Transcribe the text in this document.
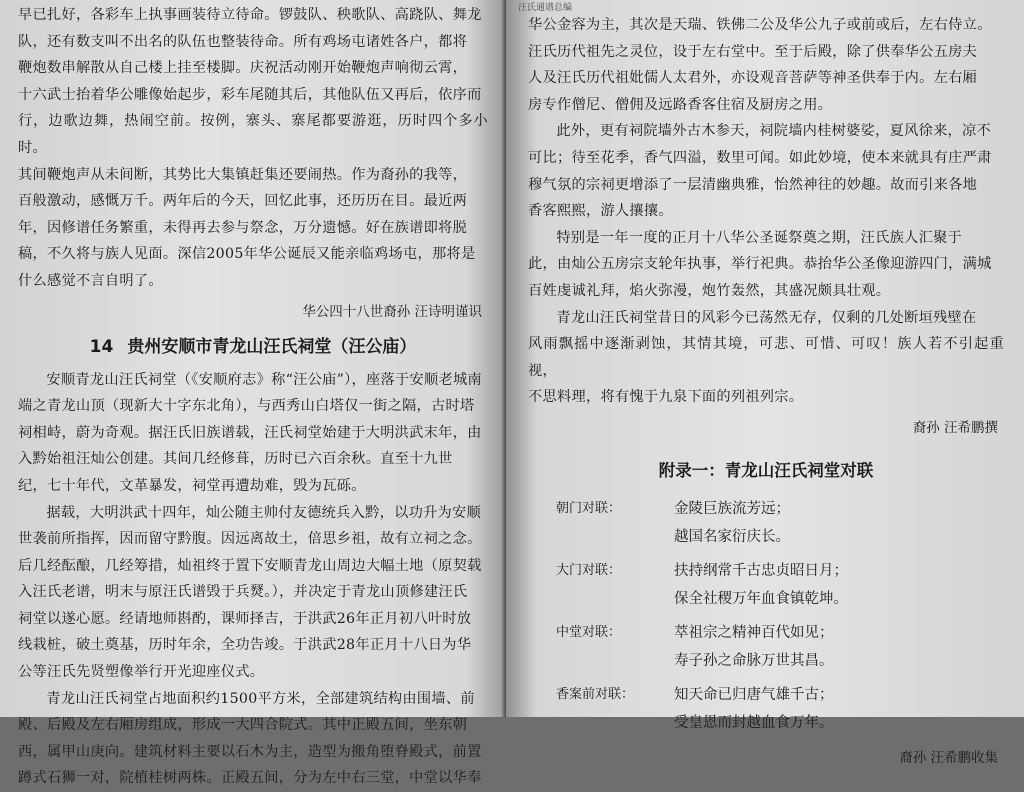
早已扎好，各彩车上执事画装待立待命。锣鼓队、秧歌队、高跷队、舞龙

队，还有数支叫不出名的队伍也整装待命。所有鸡场屯诸姓各户，都将

鞭炮数串解散从自己楼上挂至楼脚。庆祝活动刚开始鞭炮声响彻云霄，

十六武士抬着华公雕像始起步，彩车尾随其后，其他队伍又再后，依序而

行，边歌边舞，热闹空前。按例，寨头、寨尾都要游逛，历时四个多小时。

其间鞭炮声从未间断，其势比大集镇赶集还要闹热。作为裔孙的我等，

百般激动，感慨万千。两年后的今天，回忆此事，还历历在目。最近两

年，因修谱任务繁重，未得再去参与祭念，万分遗憾。好在族谱即将脱

稿，不久将与族人见面。深信2005年华公诞辰又能亲临鸡场屯，那将是

什么感觉不言自明了。

华公四十八世裔孙 汪诗明谨识
14 贵州安顺市青龙山汪氏祠堂（汪公庙）

安顺青龙山汪氏祠堂（《安顺府志》称“汪公庙”），座落于安顺老城南

端之青龙山顶（现新大十字东北角），与西秀山白塔仅一街之隔，古时塔

祠相峙，蔚为奇观。据汪氏旧族谱载，汪氏祠堂始建于大明洪武末年，由

入黔始祖汪灿公创建。其间几经修葺，历时已六百余秋。直至十九世

纪，七十年代，文革暴发，祠堂再遭劫难，毁为瓦砾。

据载，大明洪武十四年，灿公随主帅付友德统兵入黔，以功升为安顺

世袭前所指挥，因而留守黔腹。因远离故土，倍思乡祖，故有立祠之念。

后几经酝酿，几经筹措，灿祖终于置下安顺青龙山周边大幅土地（原契载

入汪氏老谱，明末与原汪氏谱毁于兵燹。），并决定于青龙山顶修建汪氏

祠堂以遂心愿。经请地师斟酌，课师择吉，于洪武26年正月初八叶时放

线栽桩，破土奠基，历时年余，全功告竣。于洪武28年正月十八日为华

公等汪氏先贤塑像举行开光迎座仪式。

青龙山汪氏祠堂占地面积约1500平方米，全部建筑结构由围墙、前

殿、后殿及左右厢房组成，形成一大四合院式。其中正殿五间，坐东朝

西，属甲山庚向。建筑材料主要以石木为主，造型为搬角堕脊殿式，前置

蹲式石狮一对，院植桂树两株。正殿五间，分为左中右三堂，中堂以华奉

汪氏通谱总编

华公金容为主，其次是天瑞、铁佛二公及华公九子或前或后，左右侍立。

汪氏历代祖先之灵位，设于左右堂中。至于后殿，除了供奉华公五房夫

人及汪氏历代祖妣儒人太君外，亦设观音菩萨等神圣供奉于内。左右厢

房专作僧尼、僧佣及远路香客住宿及厨房之用。

此外，更有祠院墙外古木参天，祠院墙内桂树婆娑，夏风徐来，凉不

可比；待至花季，香气四溢，数里可闻。如此妙境，使本来就具有庄严肃

穆气氛的宗祠更增添了一层清幽典雅，怡然神往的妙趣。故而引来各地

香客熙熙，游人攘攘。

特别是一年一度的正月十八华公圣诞祭奠之期，汪氏族人汇聚于

此，由灿公五房宗支轮年执事，举行祀典。恭抬华公圣像迎游四门，满城

百姓虔诚礼拜，焰火弥漫，炮竹轰然，其盛况颇具壮观。

青龙山汪氏祠堂昔日的风彩今已荡然无存，仅剩的几处断垣残壁在

风雨飘摇中逐渐剥蚀，其情其境，可悲、可惜、可叹！族人若不引起重视，

不思料理，将有愧于九泉下面的列祖列宗。

裔孙 汪希鹏撰
附录一：青龙山汪氏祠堂对联
朝门对联：	金陵巨族流芳远；
越国名家衍庆长。
大门对联：	扶持纲常千古忠贞昭日月；
保全社稷万年血食镇乾坤。
中堂对联：	萃祖宗之精神百代如见；
寿子孙之命脉万世其昌。
香案前对联：	知天命已归唐气雄千古；
受皇恩而封越血食万年。
裔孙 汪希鹏收集
